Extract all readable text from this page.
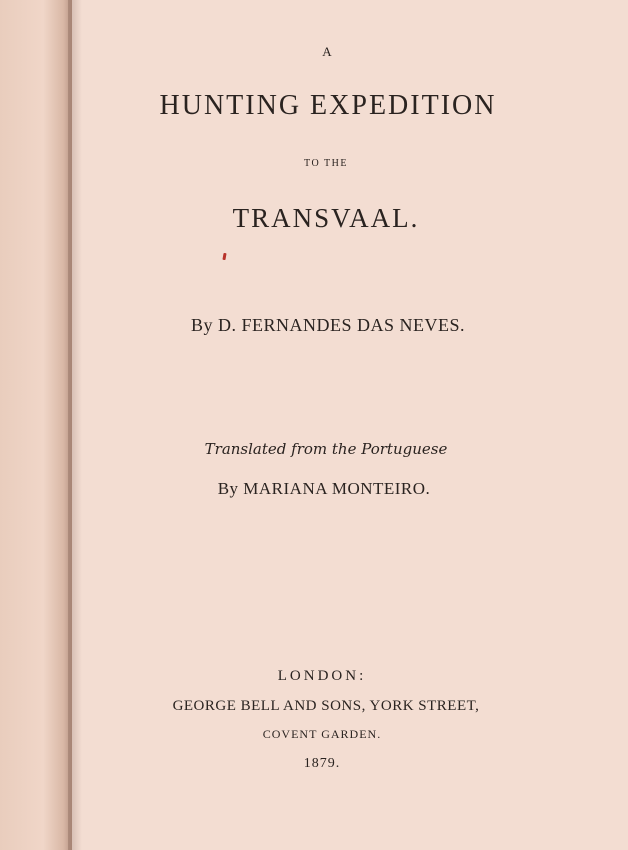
A
HUNTING EXPEDITION
TO THE
TRANSVAAL.
By D. FERNANDES DAS NEVES.
Translated from the Portuguese
By MARIANA MONTEIRO.
LONDON:
GEORGE BELL AND SONS, YORK STREET,
COVENT GARDEN.
1879.
